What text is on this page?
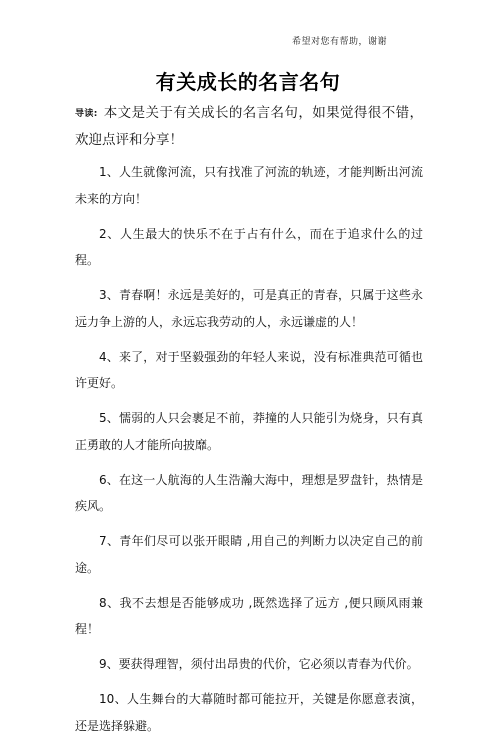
希望对您有帮助，谢谢
有关成长的名言名句

导读: 本文是关于有关成长的名言名句，如果觉得很不错，欢迎点评和分享！

1、人生就像河流，只有找准了河流的轨迹，才能判断出河流未来的方向！

2、人生最大的快乐不在于占有什么，而在于追求什么的过程。

3、青春啊！永远是美好的，可是真正的青春，只属于这些永远力争上游的人，永远忘我劳动的人，永远谦虚的人！

4、来了，对于坚毅强劲的年轻人来说，没有标准典范可循也许更好。

5、懦弱的人只会裹足不前，莽撞的人只能引为烧身，只有真正勇敢的人才能所向披靡。

6、在这一人航海的人生浩瀚大海中，理想是罗盘针，热情是疾风。

7、青年们尽可以张开眼睛 ,用自己的判断力以决定自己的前途。

8、我不去想是否能够成功 ,既然选择了远方 ,便只顾风雨兼程！

9、要获得理智，须付出昂贵的代价，它必须以青春为代价。

10、人生舞台的大幕随时都可能拉开，关键是你愿意表演，还是选择躲避。
